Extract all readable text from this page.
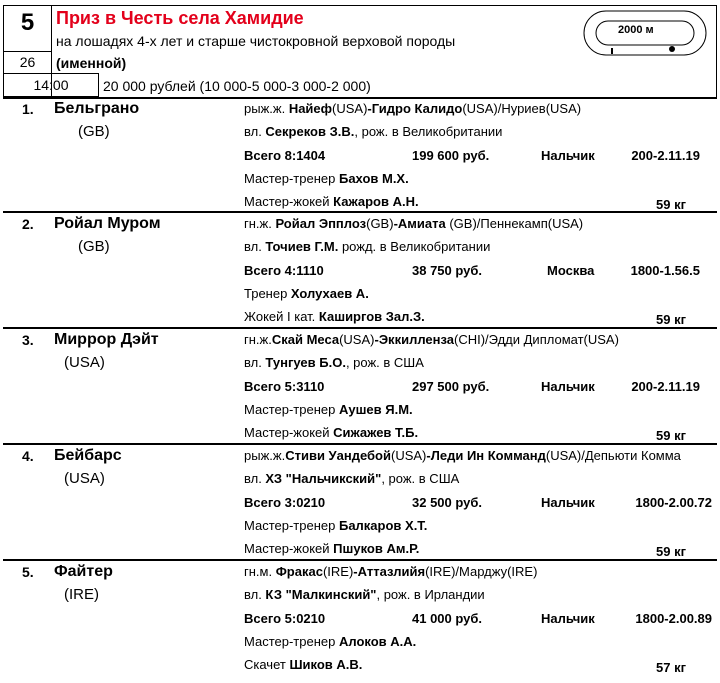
5
26
14:00
Приз в Честь села Хамидие
на лошадях 4-х лет и старше чистокровной верховой породы
(именной)
20 000 рублей (10 000-5 000-3 000-2 000)
2000 м
1. Бельграно
(GB)
рыж.ж. Найеф(USA)-Гидро Калидо(USA)/Нуриев(USA)
вл. Секреков З.В., рож. в Великобритании
Всего 8:1404	199 600 руб.	Нальчик	200-2.11.19
Мастер-тренер Бахов М.Х.
Мастер-жокей Кажаров А.Н.	59 кг
2. Ройал Муром
(GB)
гн.ж. Ройал Эпплоз(GB)-Амиата (GB)/Пеннекамп(USA)
вл. Точиев Г.М. рожд. в Великобритании
Всего 4:1110	38 750 руб.	Москва	1800-1.56.5
Тренер Холухаев А.
Жокей I кат. Каширгов Зал.З.	59 кг
3. Миррор Дэйт
(USA)
гн.ж.Скай Меса(USA)-Эккилленза(CHI)/Эдди Дипломат(USA)
вл. Тунгуев Б.О., рож. в США
Всего 5:3110	297 500 руб.	Нальчик	200-2.11.19
Мастер-тренер Аушев Я.М.
Мастер-жокей Сижажев Т.Б.	59 кг
4. Бейбарс
(USA)
рыж.ж.Стиви Уандебой(USA)-Леди Ин Комманд(USA)/Депьюти Комма
вл. ХЗ "Нальчикский", рож. в США
Всего 3:0210	32 500 руб.	Нальчик	1800-2.00.72
Мастер-тренер Балкаров Х.Т.
Мастер-жокей Пшуков Ам.Р.	59 кг
5. Файтер
(IRE)
гн.м. Фракас(IRE)-Аттазлийя(IRE)/Марджу(IRE)
вл. КЗ "Малкинский", рож. в Ирландии
Всего 5:0210	41 000 руб.	Нальчик	1800-2.00.89
Мастер-тренер Алоков А.А.
Скачет Шиков А.В.	57 кг
